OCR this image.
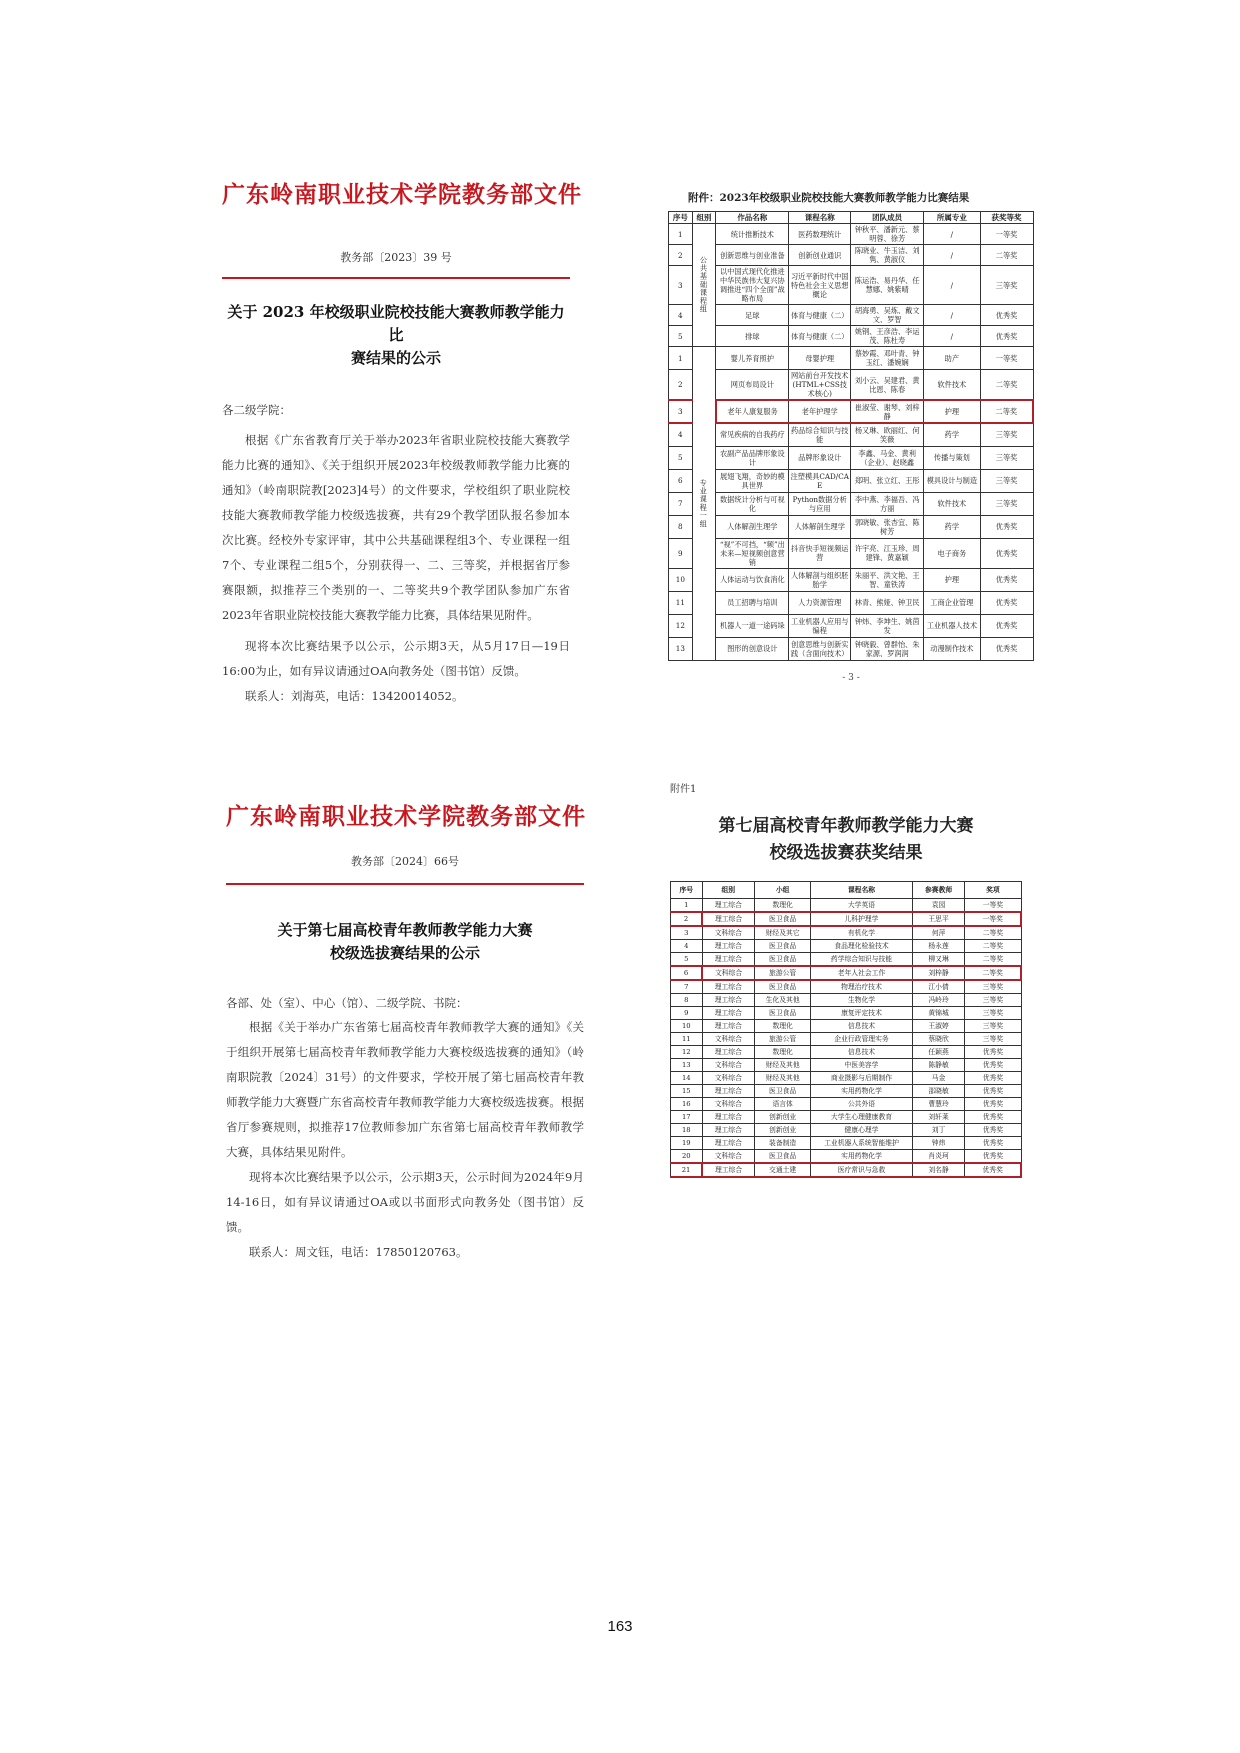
广东岭南职业技术学院教务部文件
教务部〔2023〕39 号
关于 2023 年校级职业院校技能大赛教师教学能力比
赛结果的公示
各二级学院：

根据《广东省教育厅关于举办2023年省职业院校技能大赛教学能力比赛的通知》、《关于组织开展2023年校级教师教学能力比赛的通知》（岭南职院教[2023]4号）的文件要求，学校组织了职业院校技能大赛教师教学能力校级选拔赛，共有29个教学团队报名参加本次比赛。经校外专家评审，其中公共基础课程组3个、专业课程一组7个、专业课程二组5个，分别获得一、二、三等奖，并根据省厅参赛限额，拟推荐三个类别的一、二等奖共9个教学团队参加广东省2023年省职业院校技能大赛教学能力比赛，具体结果见附件。

现将本次比赛结果予以公示，公示期3天，从5月17日—19日16:00为止，如有异议请通过OA向教务处（图书馆）反馈。

联系人：刘海英，电话：13420014052。

附件：2023年校级职业院校技能大赛教师教学能力比赛结果
序号	组别	作品名称	课程名称	团队成员	所属专业	获奖等奖
1	公共基础课程组	统计推断技术	医药数理统计	钟秋平、潘新元、蔡明蓉、徐芳	/	一等奖
2		创新思维与创业准备	创新创业通识	陈晓业、牛玉洁、刘隽、黄淑仪	/	二等奖
3		以中国式现代化推进中华民族伟大复兴协调推进“四个全面”战略布局	习近平新时代中国特色社会主义思想概论	陈运浩、易丹华、任慧娜、姚紫晴	/	三等奖
4		足球	体育与健康（二）	胡海勇、吴炼、戴文文、罗智	/	优秀奖
5		排球	体育与健康（二）	姚钢、王彦浩、李运茂、陈杜寿	/	优秀奖
1	专业课程一组	婴儿养育照护	母婴护理	蔡妙霞、邓叶青、钟玉红、潘婉娴	助产	一等奖
2		网页布局设计	网站前台开发技术(HTML+CSS技术核心)	刘小云、吴建君、黄比恩、陈春	软件技术	二等奖
3		老年人康复服务	老年护理学	崔淑莹、谢琴、刘梓静	护理	二等奖
4		常见疾病的自我药疗	药品综合知识与技能	杨又琳、欧丽红、何笑薇	药学	三等奖
5		农副产品品牌形象设计	品牌形象设计	李鑫、马金、黄利（企业）、赵晓鑫	传播与策划	三等奖
6		展翅飞翔，奇妙的模具世界	注塑模具CAD/CAE	郑明、张立红、王彤	模具设计与制造	三等奖
7		数据统计分析与可视化	Python数据分析与应用	李中燕、李福吾、冯方丽	软件技术	三等奖
8		人体解剖生理学	人体解剖生理学	郭晓敏、张杏宜、陈树芳	药学	优秀奖
9		“视”不可挡，“频”出未来—短视频创意营销	抖音快手短视频运营	许宇亮、江玉珍、周建锋、黄嘉颖	电子商务	优秀奖
10		人体运动与饮食消化	人体解剖与组织胚胎学	朱丽平、洪文艳、王智、童铁涛	护理	优秀奖
11		员工招聘与培训	人力资源管理	林青、熊娅、钟卫民	工商企业管理	优秀奖
12		机器人一道一途码垛	工业机器人应用与编程	钟炜、李坤生、姚茵发	工业机器人技术	优秀奖
13		图形的创意设计	创意思维与创新实践（含面向技术）	钟晓毅、曾群怡、朱家源、罗润润	动漫制作技术	优秀奖
- 3 -
广东岭南职业技术学院教务部文件
教务部〔2024〕66号
关于第七届高校青年教师教学能力大赛
校级选拔赛结果的公示
各部、处（室）、中心（馆）、二级学院、书院：

根据《关于举办广东省第七届高校青年教师教学大赛的通知》《关于组织开展第七届高校青年教师教学能力大赛校级选拔赛的通知》（岭南职院教〔2024〕31号）的文件要求，学校开展了第七届高校青年教师教学能力大赛暨广东省高校青年教师教学能力大赛校级选拔赛。根据省厅参赛规则，拟推荐17位教师参加广东省第七届高校青年教师教学大赛，具体结果见附件。

现将本次比赛结果予以公示，公示期3天，公示时间为2024年9月14-16日，如有异议请通过OA或以书面形式向教务处（图书馆）反馈。

联系人：周文钰，电话：17850120763。

附件1
第七届高校青年教师教学能力大赛
校级选拔赛获奖结果
序号	组别	小组	课程名称	参赛教师	奖项
1	理工综合	数理化	大学英语	袁园	一等奖
2	理工综合	医卫食品	儿科护理学	王思平	一等奖
3	文科综合	财经及其它	有机化学	何萍	二等奖
4	理工综合	医卫食品	食品理化检验技术	杨永莲	二等奖
5	理工综合	医卫食品	药学综合知识与技能	柳又琳	二等奖
6	文科综合	旅游公管	老年人社会工作	刘梓静	二等奖
7	理工综合	医卫食品	物理治疗技术	江小倩	三等奖
8	理工综合	生化及其他	生物化学	冯岭玲	三等奖
9	理工综合	医卫食品	康复评定技术	黄锦城	三等奖
10	理工综合	数理化	信息技术	王淑婷	三等奖
11	文科综合	旅游公管	企业行政管理实务	蔡晓欣	三等奖
12	理工综合	数理化	信息技术	任颖燕	优秀奖
13	文科综合	财经及其他	中医美容学	陈静敏	优秀奖
14	文科综合	财经及其他	商业摄影与后期制作	马金	优秀奖
15	理工综合	医卫食品	实用药物化学	邵晓敏	优秀奖
16	文科综合	语言体	公共外语	曹慧玲	优秀奖
17	理工综合	创新创业	大学生心理健康教育	刘轩莱	优秀奖
18	理工综合	创新创业	健康心理学	刘丁	优秀奖
19	理工综合	装备制造	工业机器人系统智能维护	钟炜	优秀奖
20	文科综合	医卫食品	实用药物化学	肖炎珂	优秀奖
21	理工综合	交通土建	医疗常识与急救	刘名静	优秀奖
163
